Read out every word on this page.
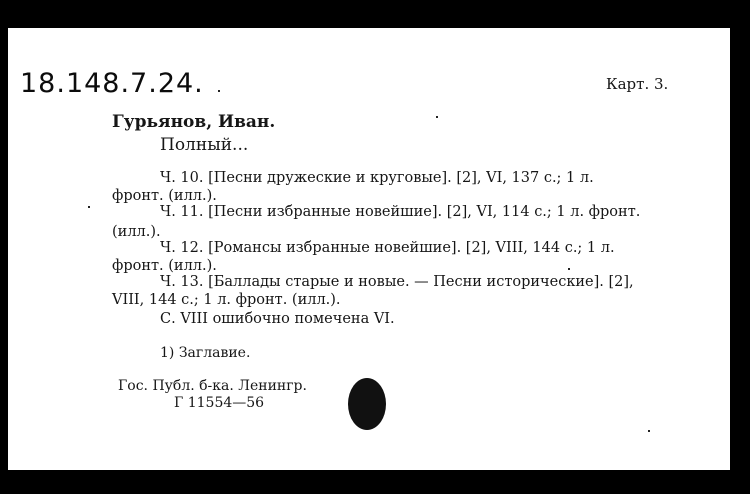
18.148.7.24.	Карт. 3.
Гурьянов, Иван.
Полный...
Ч. 10. [Песни дружеские и круговые]. [2], VI, 137 с.; 1 л.
фронт. (илл.).
Ч. 11. [Песни избранные новейшие]. [2], VI, 114 с.; 1 л. фронт.
(илл.).
Ч. 12. [Романсы избранные новейшие]. [2], VIII, 144 с.; 1 л.
фронт. (илл.).
Ч. 13. [Баллады старые и новые. — Песни исторические]. [2],
VIII, 144 с.; 1 л. фронт. (илл.).
С. VIII ошибочно помечена VI.
1) Заглавие.
Гос. Публ. б-ка. Ленингр.
Г 11554—56
